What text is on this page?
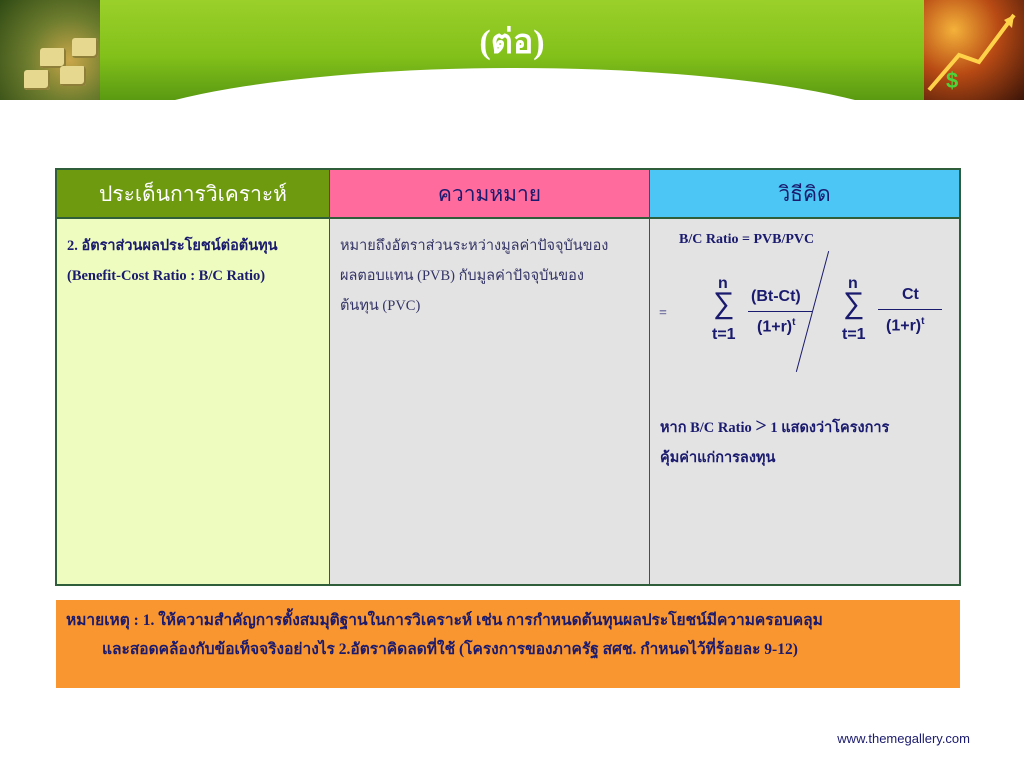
$
(ต่อ)
ประเด็นการวิเคราะห์	ความหมาย	วิธีคิด
2. อัตราส่วนผลประโยชน์ต่อต้นทุน
(Benefit-Cost Ratio : B/C Ratio)
หมายถึงอัตราส่วนระหว่างมูลค่าปัจจุบันของ
ผลตอบแทน (PVB) กับมูลค่าปัจจุบันของ
ต้นทุน (PVC)
B/C Ratio = PVB/PVC
=
n
∑
t=1
(Bt-Ct)
$(1+r)^t$
n
∑
t=1
Ct
$(1+r)^t$
หาก B/C Ratio > 1 แสดงว่าโครงการ
คุ้มค่าแก่การลงทุน
หมายเหตุ : 1. ให้ความสำคัญการตั้งสมมุติฐานในการวิเคราะห์ เช่น การกำหนดต้นทุนผลประโยชน์มีความครอบคลุม
และสอดคล้องกับข้อเท็จจริงอย่างไร 2.อัตราคิดลดที่ใช้ (โครงการของภาครัฐ สศช. กำหนดไว้ที่ร้อยละ 9-12)
www.themegallery.com
